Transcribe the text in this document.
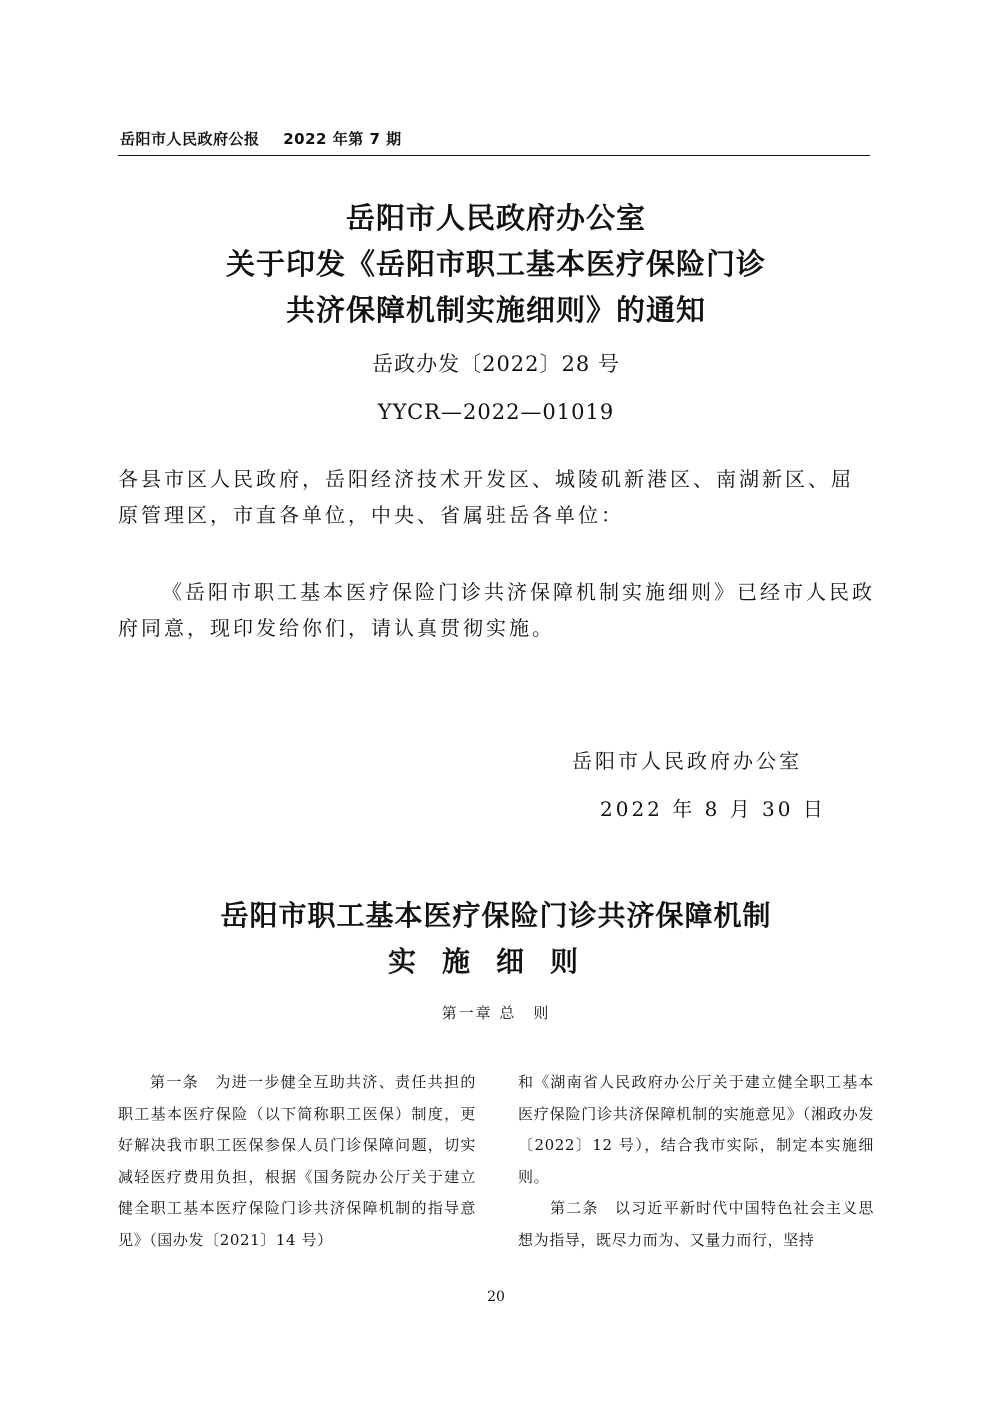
岳阳市人民政府公报 2022 年第 7 期
岳阳市人民政府办公室
关于印发《岳阳市职工基本医疗保险门诊
共济保障机制实施细则》的通知
岳政办发〔2022〕28 号
YYCR—2022—01019
各县市区人民政府，岳阳经济技术开发区、城陵矶新港区、南湖新区、屈原管理区，市直各单位，中央、省属驻岳各单位：
《岳阳市职工基本医疗保险门诊共济保障机制实施细则》已经市人民政府同意，现印发给你们，请认真贯彻实施。
岳阳市人民政府办公室
2022 年 8 月 30 日
岳阳市职工基本医疗保险门诊共济保障机制
实施细则
第一章 总　则

第一条　为进一步健全互助共济、责任共担的职工基本医疗保险（以下简称职工医保）制度，更好解决我市职工医保参保人员门诊保障问题，切实减轻医疗费用负担，根据《国务院办公厅关于建立健全职工基本医疗保险门诊共济保障机制的指导意见》（国办发〔2021〕14 号）

和《湖南省人民政府办公厅关于建立健全职工基本医疗保险门诊共济保障机制的实施意见》（湘政办发〔2022〕12 号），结合我市实际，制定本实施细则。

第二条　以习近平新时代中国特色社会主义思想为指导，既尽力而为、又量力而行，坚持

20
